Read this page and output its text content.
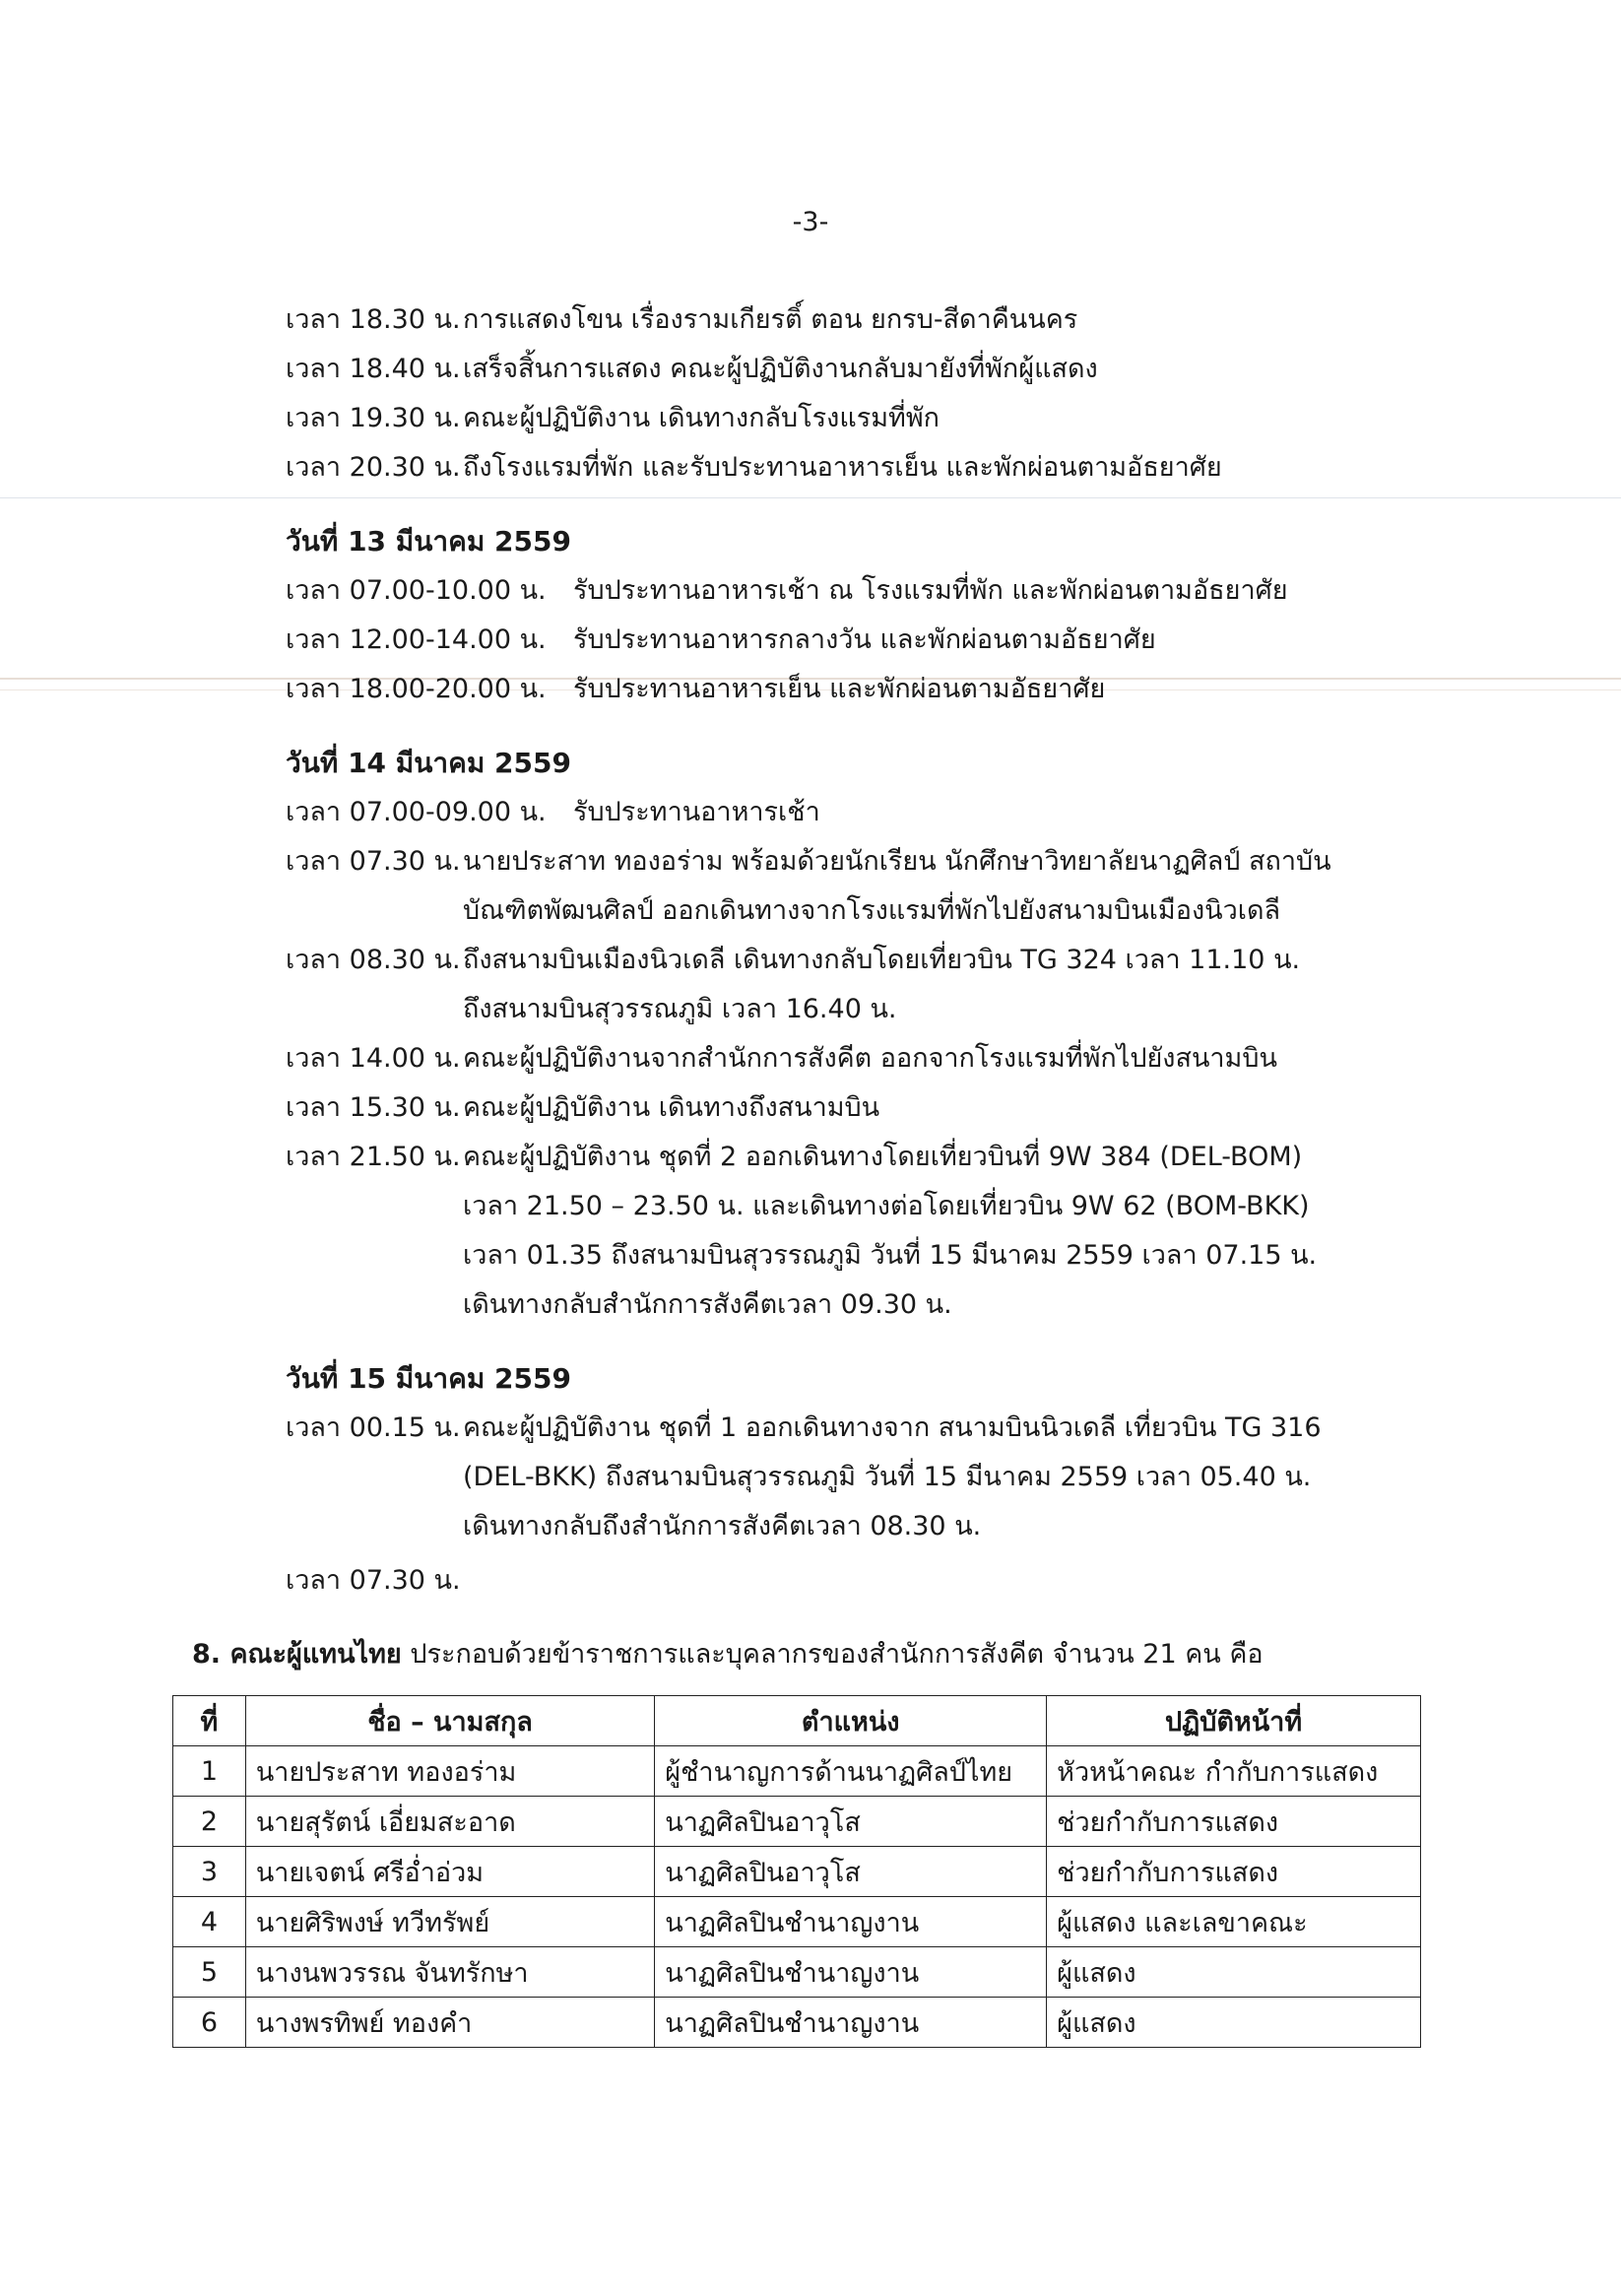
-3-
เวลา 18.30 น.การแสดงโขน เรื่องรามเกียรติ์ ตอน ยกรบ-สีดาคืนนคร
เวลา 18.40 น.เสร็จสิ้นการแสดง คณะผู้ปฏิบัติงานกลับมายังที่พักผู้แสดง
เวลา 19.30 น.คณะผู้ปฏิบัติงาน เดินทางกลับโรงแรมที่พัก
เวลา 20.30 น.ถึงโรงแรมที่พัก และรับประทานอาหารเย็น และพักผ่อนตามอัธยาศัย
วันที่ 13 มีนาคม 2559
เวลา 07.00-10.00 น. รับประทานอาหารเช้า ณ โรงแรมที่พัก และพักผ่อนตามอัธยาศัย
เวลา 12.00-14.00 น. รับประทานอาหารกลางวัน และพักผ่อนตามอัธยาศัย
เวลา 18.00-20.00 น. รับประทานอาหารเย็น และพักผ่อนตามอัธยาศัย
วันที่ 14 มีนาคม 2559
เวลา 07.00-09.00 น. รับประทานอาหารเช้า
เวลา 07.30 น.นายประสาท ทองอร่าม พร้อมด้วยนักเรียน นักศึกษาวิทยาลัยนาฏศิลป์ สถาบัน
บัณฑิตพัฒนศิลป์ ออกเดินทางจากโรงแรมที่พักไปยังสนามบินเมืองนิวเดลี
เวลา 08.30 น.ถึงสนามบินเมืองนิวเดลี เดินทางกลับโดยเที่ยวบิน TG 324 เวลา 11.10 น.
ถึงสนามบินสุวรรณภูมิ เวลา 16.40 น.
เวลา 14.00 น.คณะผู้ปฏิบัติงานจากสำนักการสังคีต ออกจากโรงแรมที่พักไปยังสนามบิน
เวลา 15.30 น.คณะผู้ปฏิบัติงาน เดินทางถึงสนามบิน
เวลา 21.50 น.คณะผู้ปฏิบัติงาน ชุดที่ 2 ออกเดินทางโดยเที่ยวบินที่ 9W 384 (DEL-BOM)
เวลา 21.50 – 23.50 น. และเดินทางต่อโดยเที่ยวบิน 9W 62 (BOM-BKK)
เวลา 01.35 ถึงสนามบินสุวรรณภูมิ วันที่ 15 มีนาคม 2559 เวลา 07.15 น.
เดินทางกลับสำนักการสังคีตเวลา 09.30 น.
วันที่ 15 มีนาคม 2559
เวลา 00.15 น.คณะผู้ปฏิบัติงาน ชุดที่ 1 ออกเดินทางจาก สนามบินนิวเดลี เที่ยวบิน TG 316
(DEL-BKK) ถึงสนามบินสุวรรณภูมิ วันที่ 15 มีนาคม 2559 เวลา 05.40 น.
เดินทางกลับถึงสำนักการสังคีตเวลา 08.30 น.
เวลา 07.30 น.
8. คณะผู้แทนไทย ประกอบด้วยข้าราชการและบุคลากรของสำนักการสังคีต จำนวน 21 คน คือ
ที่	ชื่อ – นามสกุล	ตำแหน่ง	ปฏิบัติหน้าที่
1	นายประสาท ทองอร่าม	ผู้ชำนาญการด้านนาฏศิลป์ไทย	หัวหน้าคณะ กำกับการแสดง
2	นายสุรัตน์ เอี่ยมสะอาด	นาฏศิลปินอาวุโส	ช่วยกำกับการแสดง
3	นายเจตน์ ศรีอ่ำอ่วม	นาฏศิลปินอาวุโส	ช่วยกำกับการแสดง
4	นายศิริพงษ์ ทวีทรัพย์	นาฏศิลปินชำนาญงาน	ผู้แสดง และเลขาคณะ
5	นางนพวรรณ จันทรักษา	นาฏศิลปินชำนาญงาน	ผู้แสดง
6	นางพรทิพย์ ทองคำ	นาฏศิลปินชำนาญงาน	ผู้แสดง
